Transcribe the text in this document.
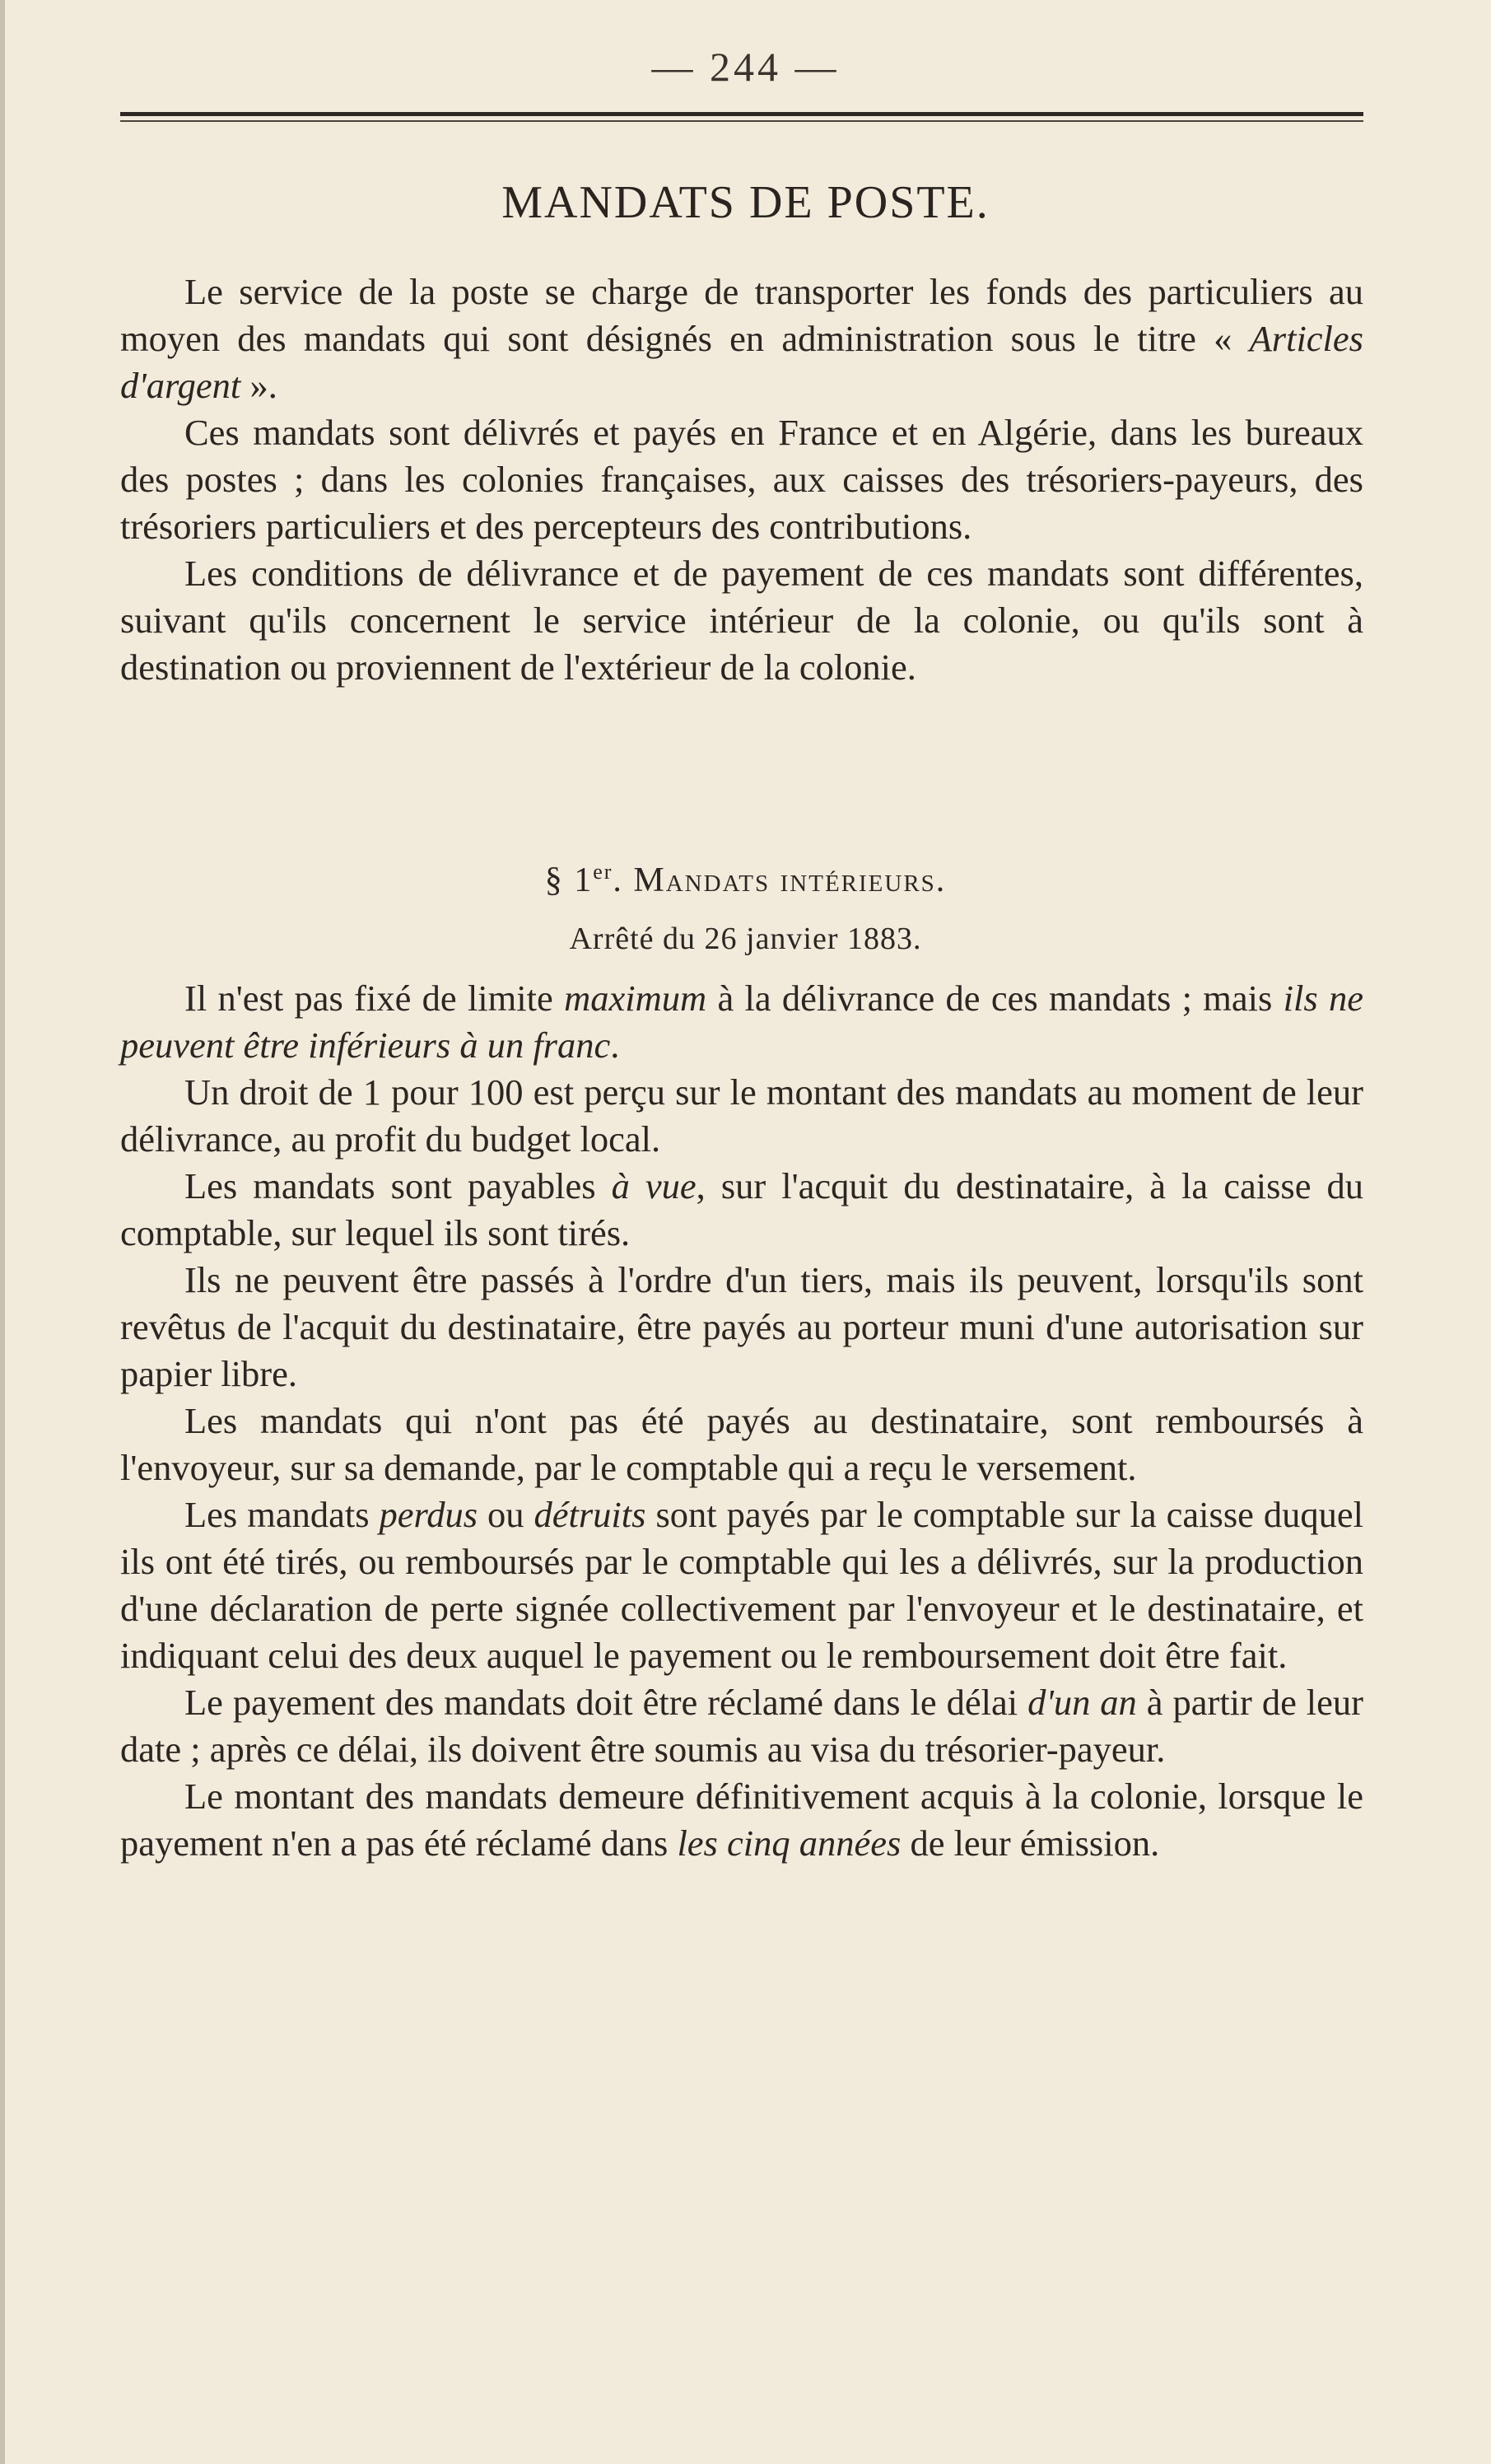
— 244 —
MANDATS DE POSTE.

Le service de la poste se charge de transporter les fonds des particuliers au moyen des mandats qui sont désignés en administration sous le titre « Articles d'argent ».

Ces mandats sont délivrés et payés en France et en Algérie, dans les bureaux des postes ; dans les colonies françaises, aux caisses des trésoriers-payeurs, des trésoriers particuliers et des percepteurs des contributions.

Les conditions de délivrance et de payement de ces mandats sont différentes, suivant qu'ils concernent le service intérieur de la colonie, ou qu'ils sont à destination ou proviennent de l'extérieur de la colonie.

§ 1er. Mandats intérieurs.
Arrêté du 26 janvier 1883.

Il n'est pas fixé de limite maximum à la délivrance de ces mandats ; mais ils ne peuvent être inférieurs à un franc.

Un droit de 1 pour 100 est perçu sur le montant des mandats au moment de leur délivrance, au profit du budget local.

Les mandats sont payables à vue, sur l'acquit du destinataire, à la caisse du comptable, sur lequel ils sont tirés.

Ils ne peuvent être passés à l'ordre d'un tiers, mais ils peuvent, lorsqu'ils sont revêtus de l'acquit du destinataire, être payés au porteur muni d'une autorisation sur papier libre.

Les mandats qui n'ont pas été payés au destinataire, sont remboursés à l'envoyeur, sur sa demande, par le comptable qui a reçu le versement.

Les mandats perdus ou détruits sont payés par le comptable sur la caisse duquel ils ont été tirés, ou remboursés par le comptable qui les a délivrés, sur la production d'une déclaration de perte signée collectivement par l'envoyeur et le destinataire, et indiquant celui des deux auquel le payement ou le remboursement doit être fait.

Le payement des mandats doit être réclamé dans le délai d'un an à partir de leur date ; après ce délai, ils doivent être soumis au visa du trésorier-payeur.

Le montant des mandats demeure définitivement acquis à la colonie, lorsque le payement n'en a pas été réclamé dans les cinq années de leur émission.
